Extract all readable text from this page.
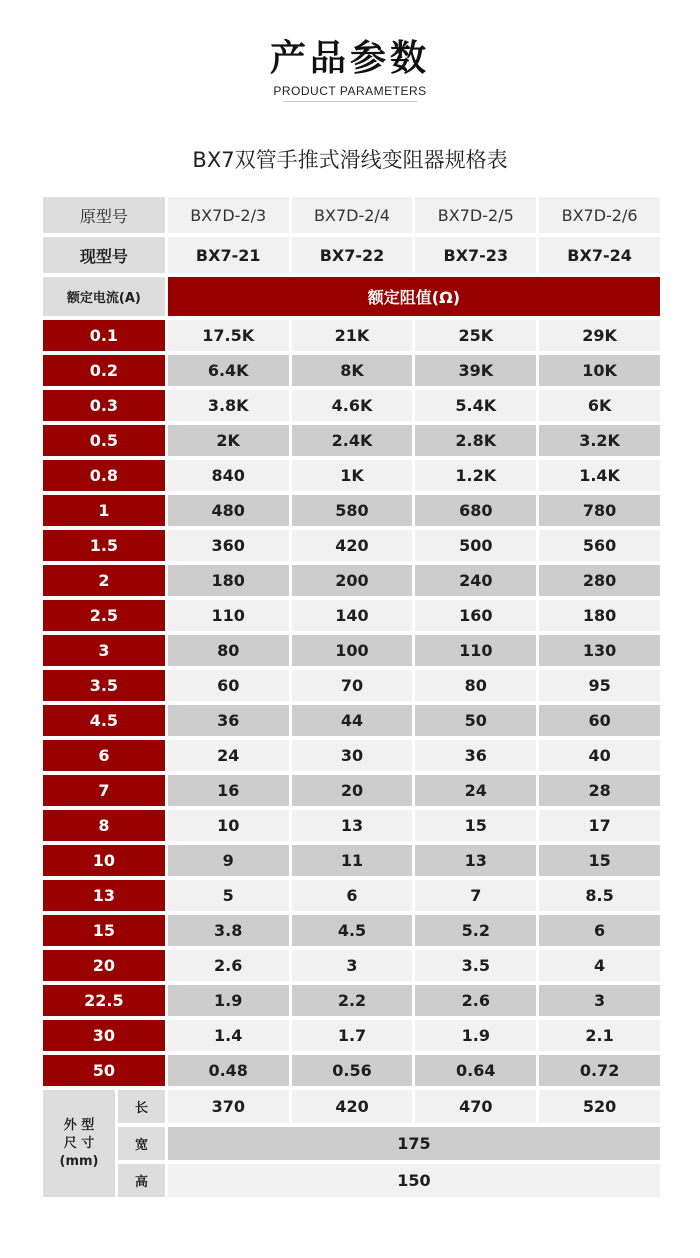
产品参数
PRODUCT PARAMETERS
BX7双管手推式滑线变阻器规格表
原型号	BX7D-2/3	BX7D-2/4	BX7D-2/5	BX7D-2/6
现型号	BX7-21	BX7-22	BX7-23	BX7-24
额定电流(A)	额定阻值(Ω)
0.1	17.5K	21K	25K	29K
0.2	6.4K	8K	39K	10K
0.3	3.8K	4.6K	5.4K	6K
0.5	2K	2.4K	2.8K	3.2K
0.8	840	1K	1.2K	1.4K
1	480	580	680	780
1.5	360	420	500	560
2	180	200	240	280
2.5	110	140	160	180
3	80	100	110	130
3.5	60	70	80	95
4.5	36	44	50	60
6	24	30	36	40
7	16	20	24	28
8	10	13	15	17
10	9	11	13	15
13	5	6	7	8.5
15	3.8	4.5	5.2	6
20	2.6	3	3.5	4
22.5	1.9	2.2	2.6	3
30	1.4	1.7	1.9	2.1
50	0.48	0.56	0.64	0.72
外 型
尺 寸
(mm)
长	370	420	470	520
宽	175
高	150
